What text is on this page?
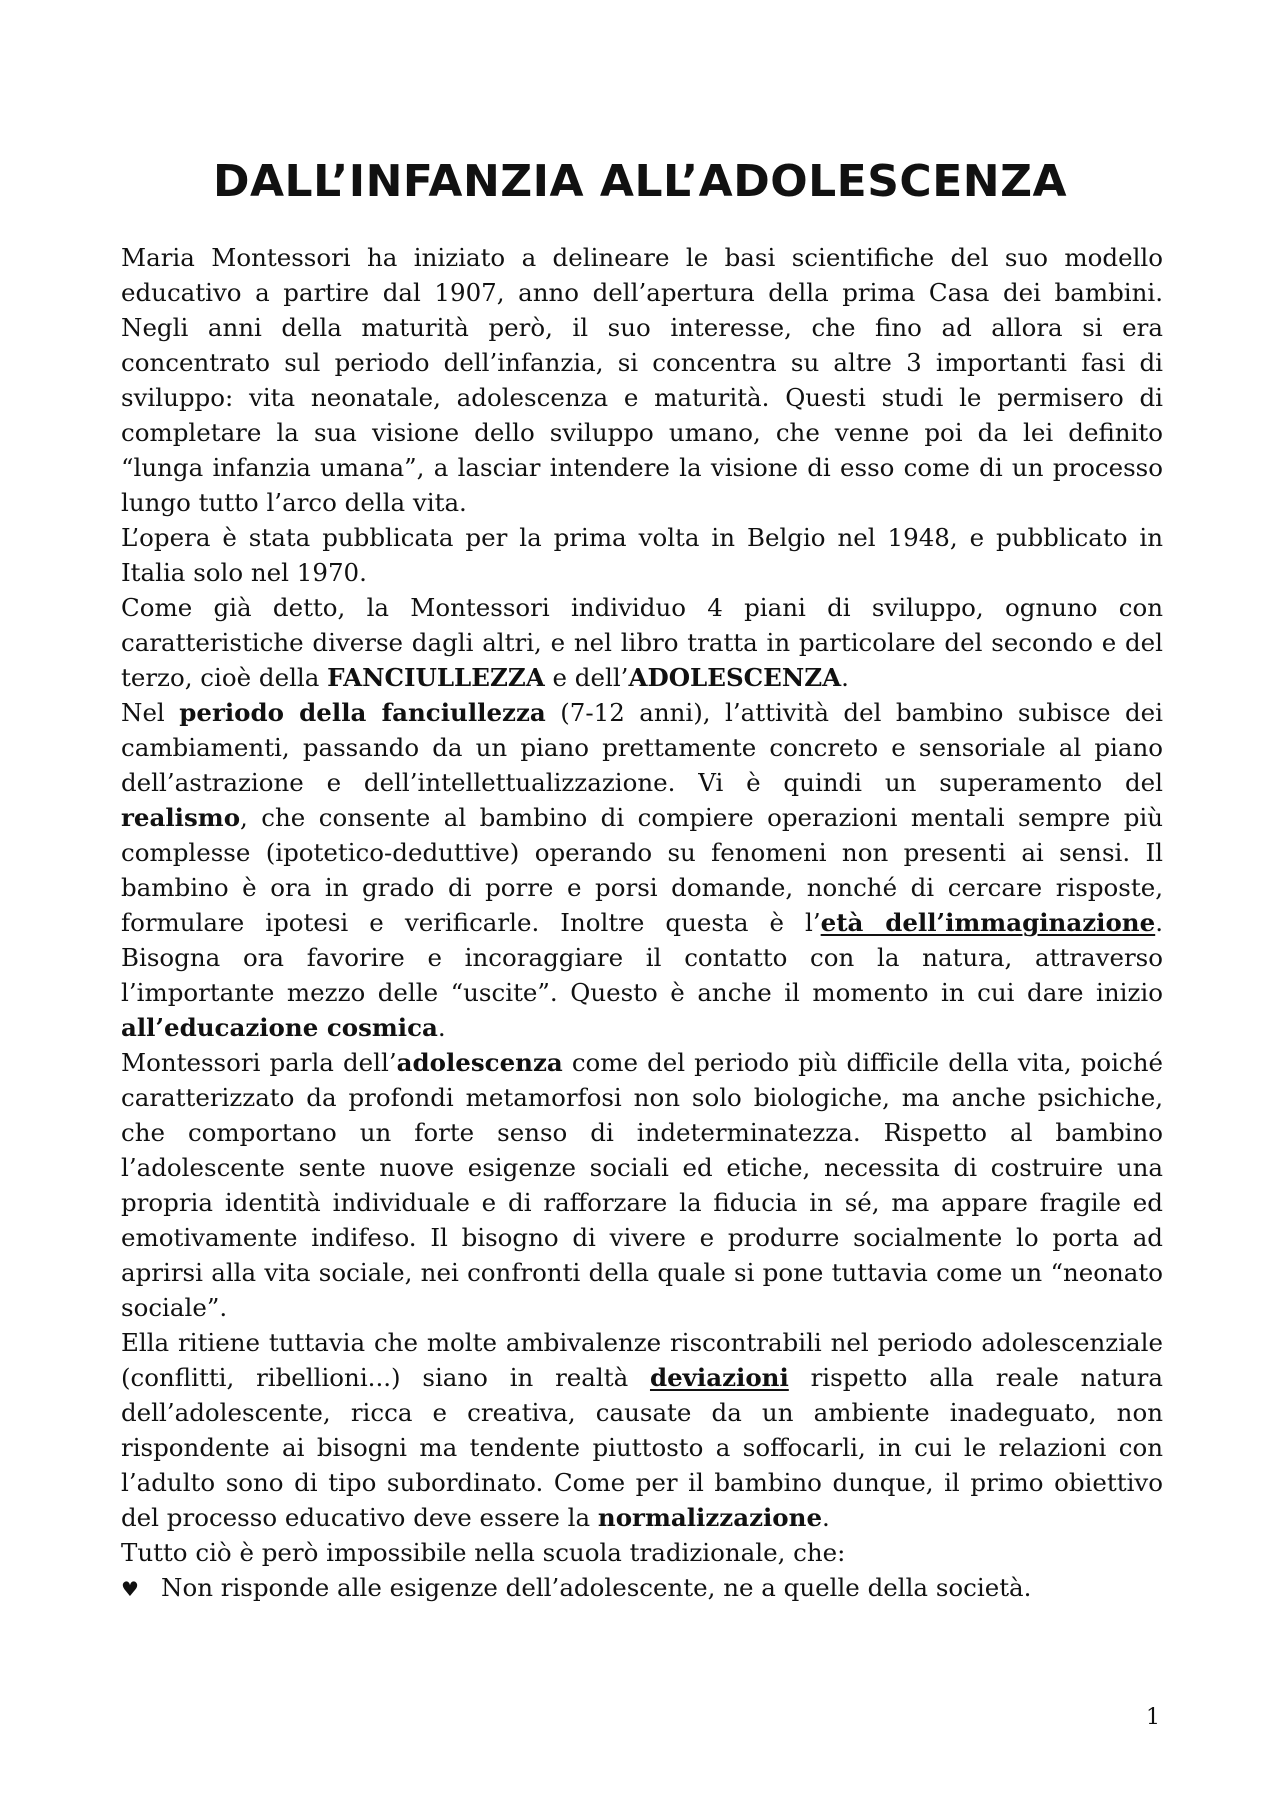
DALL’INFANZIA ALL’ADOLESCENZA

Maria Montessori ha iniziato a delineare le basi scientifiche del suo modello educativo a partire dal 1907, anno dell’apertura della prima Casa dei bambini. Negli anni della maturità però, il suo interesse, che fino ad allora si era concentrato sul periodo dell’infanzia, si concentra su altre 3 importanti fasi di sviluppo: vita neonatale, adolescenza e maturità. Questi studi le permisero di completare la sua visione dello sviluppo umano, che venne poi da lei definito “lunga infanzia umana”, a lasciar intendere la visione di esso come di un processo lungo tutto l’arco della vita.

L’opera è stata pubblicata per la prima volta in Belgio nel 1948, e pubblicato in Italia solo nel 1970.

Come già detto, la Montessori individuo 4 piani di sviluppo, ognuno con caratteristiche diverse dagli altri, e nel libro tratta in particolare del secondo e del terzo, cioè della FANCIULLEZZA e dell’ADOLESCENZA.

Nel periodo della fanciullezza (7-12 anni), l’attività del bambino subisce dei cambiamenti, passando da un piano prettamente concreto e sensoriale al piano dell’astrazione e dell’intellettualizzazione. Vi è quindi un superamento del realismo, che consente al bambino di compiere operazioni mentali sempre più complesse (ipotetico-deduttive) operando su fenomeni non presenti ai sensi. Il bambino è ora in grado di porre e porsi domande, nonché di cercare risposte, formulare ipotesi e verificarle. Inoltre questa è l’età dell’immaginazione. Bisogna ora favorire e incoraggiare il contatto con la natura, attraverso l’importante mezzo delle “uscite”. Questo è anche il momento in cui dare inizio all’educazione cosmica.

Montessori parla dell’adolescenza come del periodo più difficile della vita, poiché caratterizzato da profondi metamorfosi non solo biologiche, ma anche psichiche, che comportano un forte senso di indeterminatezza. Rispetto al bambino l’adolescente sente nuove esigenze sociali ed etiche, necessita di costruire una propria identità individuale e di rafforzare la fiducia in sé, ma appare fragile ed emotivamente indifeso. Il bisogno di vivere e produrre socialmente lo porta ad aprirsi alla vita sociale, nei confronti della quale si pone tuttavia come un “neonato sociale”.

Ella ritiene tuttavia che molte ambivalenze riscontrabili nel periodo adolescenziale (conflitti, ribellioni...) siano in realtà deviazioni rispetto alla reale natura dell’adolescente, ricca e creativa, causate da un ambiente inadeguato, non rispondente ai bisogni ma tendente piuttosto a soffocarli, in cui le relazioni con l’adulto sono di tipo subordinato. Come per il bambino dunque, il primo obiettivo del processo educativo deve essere la normalizzazione.

Tutto ciò è però impossibile nella scuola tradizionale, che:

♥ Non risponde alle esigenze dell’adolescente, ne a quelle della società.
1
